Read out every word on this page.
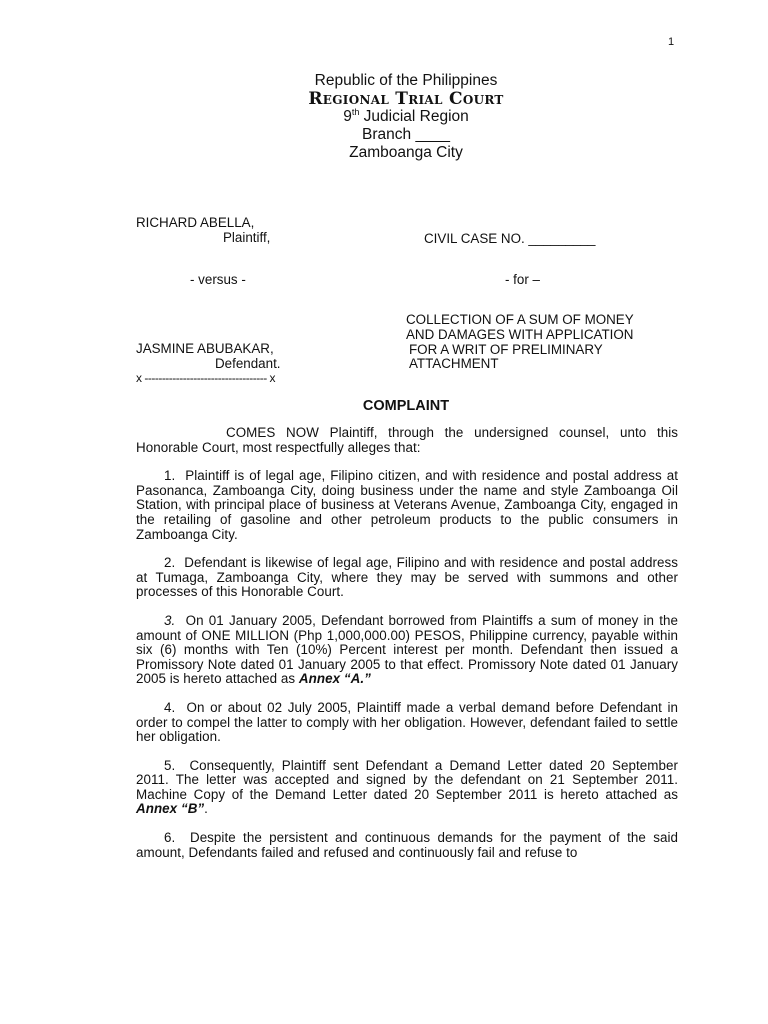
1
Republic of the Philippines
Regional Trial Court
9th Judicial Region
Branch ____
Zamboanga City
RICHARD ABELLA,
Plaintiff,	CIVIL CASE NO. _________
- versus -	- for –
COLLECTION OF A SUM OF MONEY
AND DAMAGES WITH APPLICATION
FOR A WRIT OF PRELIMINARY
ATTACHMENT
JASMINE ABUBAKAR,
Defendant.
x ----------------------------------- x
COMPLAINT

COMES NOW Plaintiff, through the undersigned counsel, unto this Honorable Court, most respectfully alleges that:

1. Plaintiff is of legal age, Filipino citizen, and with residence and postal address at Pasonanca, Zamboanga City, doing business under the name and style Zamboanga Oil Station, with principal place of business at Veterans Avenue, Zamboanga City, engaged in the retailing of gasoline and other petroleum products to the public consumers in Zamboanga City.

2. Defendant is likewise of legal age, Filipino and with residence and postal address at Tumaga, Zamboanga City, where they may be served with summons and other processes of this Honorable Court.

3. On 01 January 2005, Defendant borrowed from Plaintiffs a sum of money in the amount of ONE MILLION (Php 1,000,000.00) PESOS, Philippine currency, payable within six (6) months with Ten (10%) Percent interest per month. Defendant then issued a Promissory Note dated 01 January 2005 to that effect. Promissory Note dated 01 January 2005 is hereto attached as Annex “A.”

4. On or about 02 July 2005, Plaintiff made a verbal demand before Defendant in order to compel the latter to comply with her obligation. However, defendant failed to settle her obligation.

5. Consequently, Plaintiff sent Defendant a Demand Letter dated 20 September 2011. The letter was accepted and signed by the defendant on 21 September 2011. Machine Copy of the Demand Letter dated 20 September 2011 is hereto attached as Annex “B”.

6. Despite the persistent and continuous demands for the payment of the said amount, Defendants failed and refused and continuously fail and refuse to
